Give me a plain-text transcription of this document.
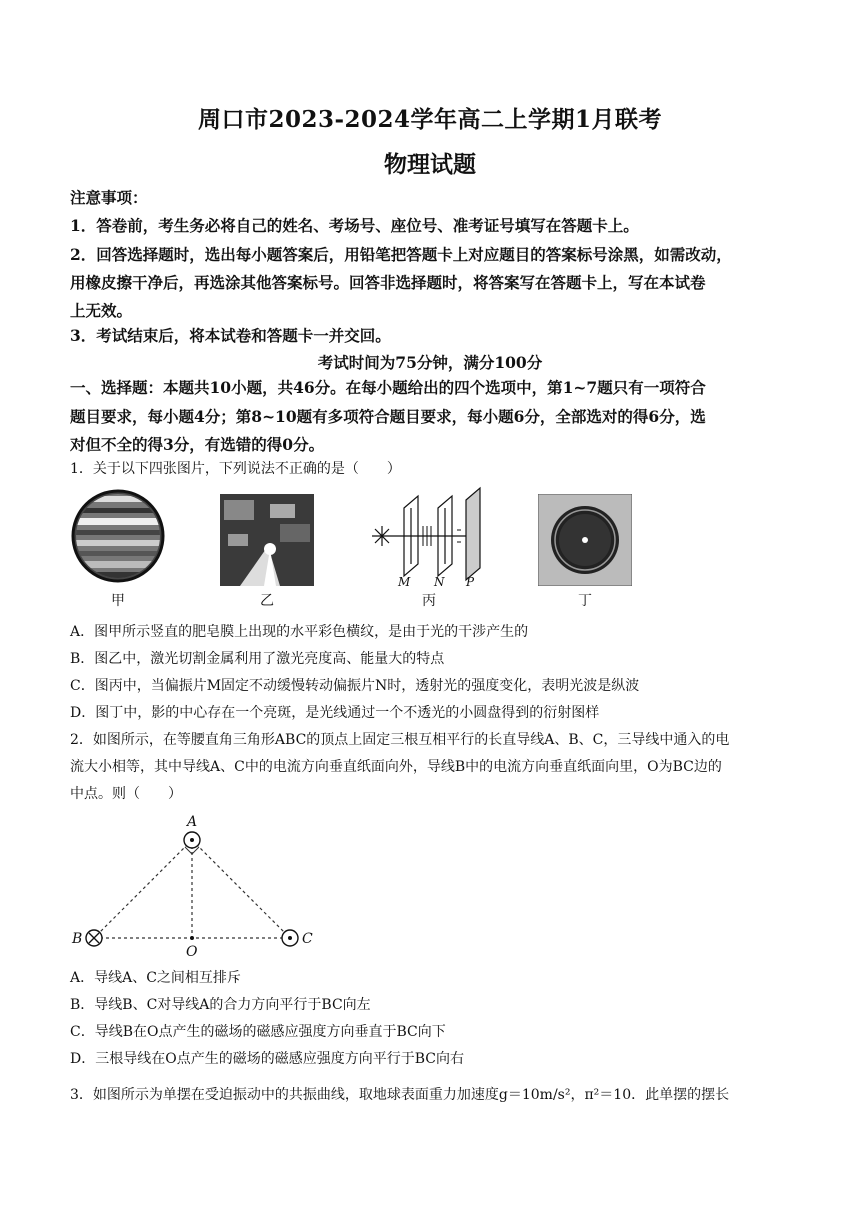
周口市2023-2024学年高二上学期1月联考
物理试题
注意事项：
1．答卷前，考生务必将自己的姓名、考场号、座位号、准考证号填写在答题卡上。
2．回答选择题时，选出每小题答案后，用铅笔把答题卡上对应题目的答案标号涂黑，如需改动，
用橡皮擦干净后，再选涂其他答案标号。回答非选择题时，将答案写在答题卡上，写在本试卷
上无效。
3．考试结束后，将本试卷和答题卡一并交回。
考试时间为75分钟，满分100分
一、选择题：本题共10小题，共46分。在每小题给出的四个选项中，第1~7题只有一项符合
题目要求，每小题4分；第8~10题有多项符合题目要求，每小题6分，全部选对的得6分，选
对但不全的得3分，有选错的得0分。
1．关于以下四张图片，下列说法不正确的是（　　）
甲	乙
M N P
丙	丁
A．图甲所示竖直的肥皂膜上出现的水平彩色横纹，是由于光的干涉产生的
B．图乙中，激光切割金属利用了激光亮度高、能量大的特点
C．图丙中，当偏振片M固定不动缓慢转动偏振片N时，透射光的强度变化，表明光波是纵波
D．图丁中，影的中心存在一个亮斑，是光线通过一个不透光的小圆盘得到的衍射图样
2．如图所示，在等腰直角三角形ABC的顶点上固定三根互相平行的长直导线A、B、C，三导线中通入的电
流大小相等，其中导线A、C中的电流方向垂直纸面向外，导线B中的电流方向垂直纸面向里，O为BC边的
中点。则（　　）
A
B	C
O
A．导线A、C之间相互排斥
B．导线B、C对导线A的合力方向平行于BC向左
C．导线B在O点产生的磁场的磁感应强度方向垂直于BC向下
D．三根导线在O点产生的磁场的磁感应强度方向平行于BC向右
3．如图所示为单摆在受迫振动中的共振曲线，取地球表面重力加速度g＝10m/s²，π²＝10．此单摆的摆长
